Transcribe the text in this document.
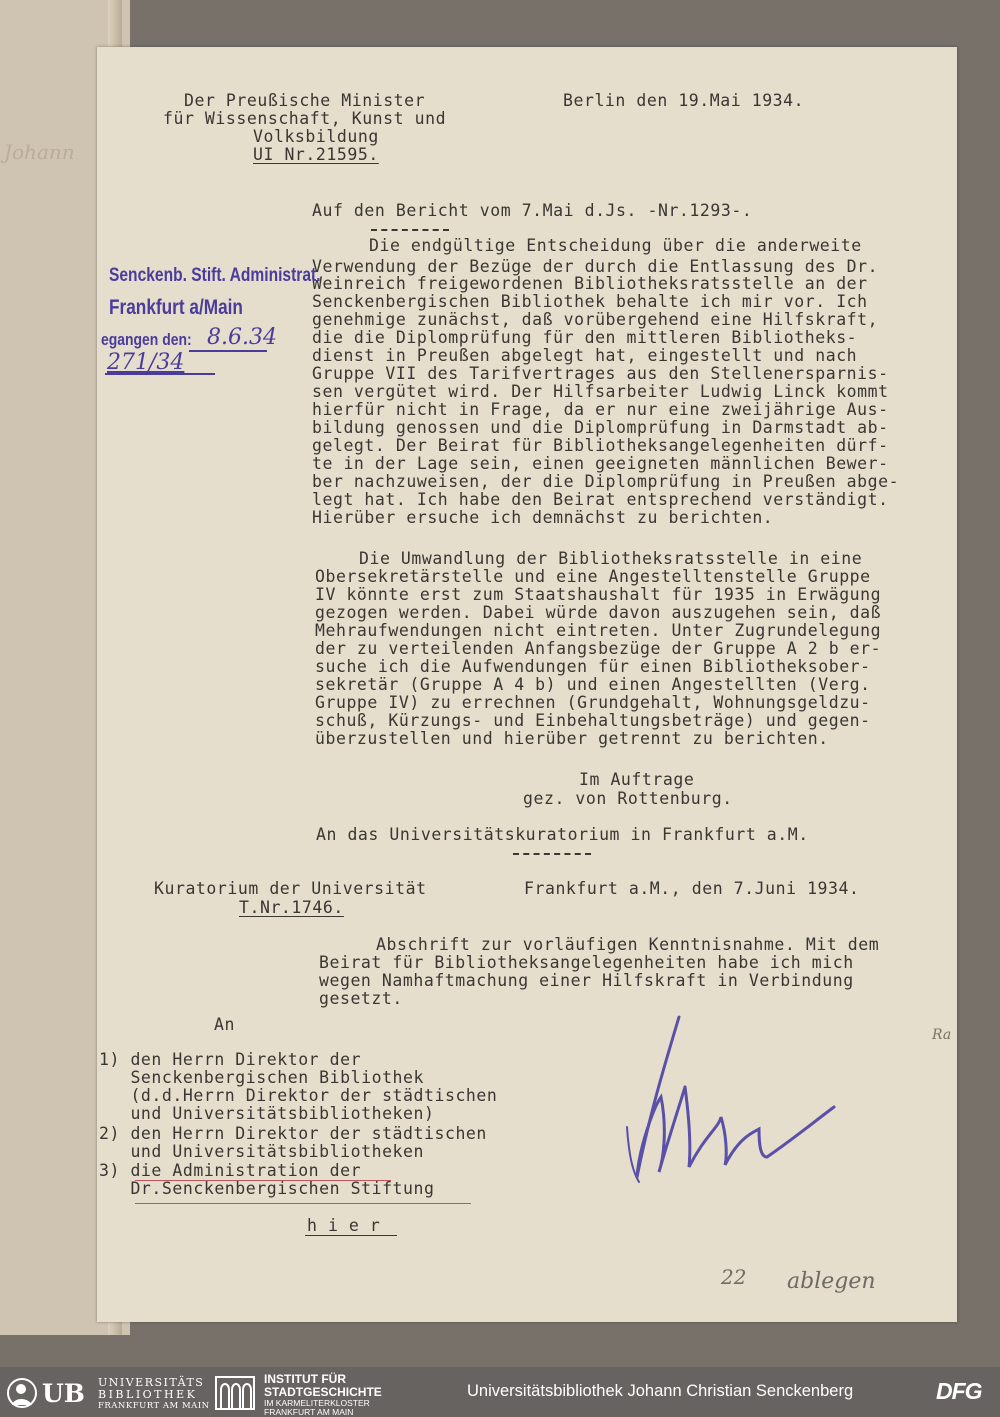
Johann
Der Preußische Minister
für Wissenschaft, Kunst und
Volksbildung
UI Nr.21595.
Berlin den 19.Mai 1934.
Auf den Bericht vom 7.Mai d.Js. -Nr.1293-.
Die endgültige Entscheidung über die anderweite
Verwendung der Bezüge der durch die Entlassung des Dr.
Weinreich freigewordenen Bibliotheksratsstelle an der
Senckenbergischen Bibliothek behalte ich mir vor. Ich
genehmige zunächst, daß vorübergehend eine Hilfskraft,
die die Diplomprüfung für den mittleren Bibliotheks-
dienst in Preußen abgelegt hat, eingestellt und nach
Gruppe VII des Tarifvertrages aus den Stellenersparnis-
sen vergütet wird. Der Hilfsarbeiter Ludwig Linck kommt
hierfür nicht in Frage, da er nur eine zweijährige Aus-
bildung genossen und die Diplomprüfung in Darmstadt ab-
gelegt. Der Beirat für Bibliotheksangelegenheiten dürf-
te in der Lage sein, einen geeigneten männlichen Bewer-
ber nachzuweisen, der die Diplomprüfung in Preußen abge-
legt hat. Ich habe den Beirat entsprechend verständigt.
Hierüber ersuche ich demnächst zu berichten.
Die Umwandlung der Bibliotheksratsstelle in eine
Obersekretärstelle und eine Angestelltenstelle Gruppe
IV könnte erst zum Staatshaushalt für 1935 in Erwägung
gezogen werden. Dabei würde davon auszugehen sein, daß
Mehraufwendungen nicht eintreten. Unter Zugrundelegung
der zu verteilenden Anfangsbezüge der Gruppe A 2 b er-
suche ich die Aufwendungen für einen Bibliotheksober-
sekretär (Gruppe A 4 b) und einen Angestellten (Verg.
Gruppe IV) zu errechnen (Grundgehalt, Wohnungsgeldzu-
schuß, Kürzungs- und Einbehaltungsbeträge) und gegen-
überzustellen und hierüber getrennt zu berichten.
Im Auftrage
gez. von Rottenburg.
An das Universitätskuratorium in Frankfurt a.M.
Kuratorium der Universität
T.Nr.1746.
Frankfurt a.M., den 7.Juni 1934.
Abschrift zur vorläufigen Kenntnisnahme. Mit dem
Beirat für Bibliotheksangelegenheiten habe ich mich
wegen Namhaftmachung einer Hilfskraft in Verbindung
gesetzt.
An
1) den Herrn Direktor der
Senckenbergischen Bibliothek
(d.d.Herrn Direktor der städtischen
und Universitätsbibliotheken)
2) den Herrn Direktor der städtischen
und Universitätsbibliotheken
3) die Administration der
Dr.Senckenbergischen Stiftung
h i e r
Senckenb. Stift. Administrat.
Frankfurt a/Main
egangen den: 8.6.34
271/34
Ra
22 ablegen
UB UNIVERSITÄTS
BIBLIOTHEK
FRANKFURT AM MAIN
INSTITUT FÜR
STADTGESCHICHTE
IM KARMELITERKLOSTER
FRANKFURT AM MAIN
Universitätsbibliothek Johann Christian Senckenberg	DFG
